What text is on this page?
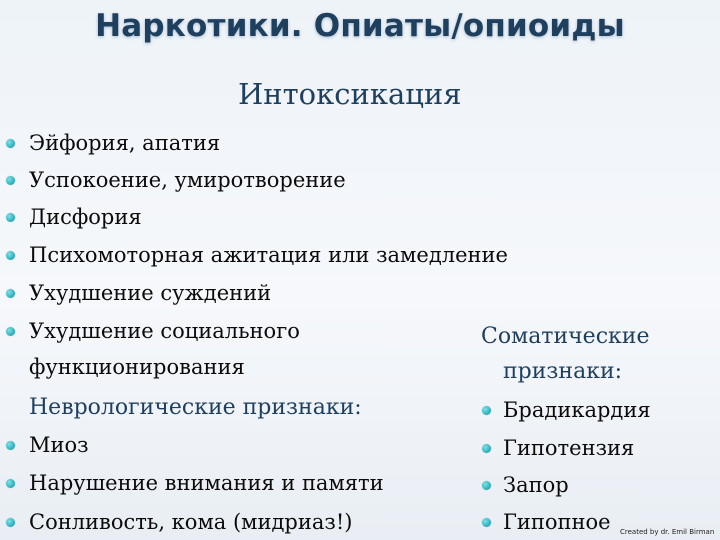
Наркотики. Опиаты/опиоиды
Интоксикация
Эйфория, апатия
Успокоение, умиротворение
Дисфория
Психомоторная ажитация или замедление
Ухудшение суждений
Ухудшение социального
функционирования
Неврологические признаки:
Миоз
Нарушение внимания и памяти
Сонливость, кома (мидриаз!)
Соматические
признаки:
Брадикардия
Гипотензия
Запор
Гипопное Created by dr. Emil Birman
